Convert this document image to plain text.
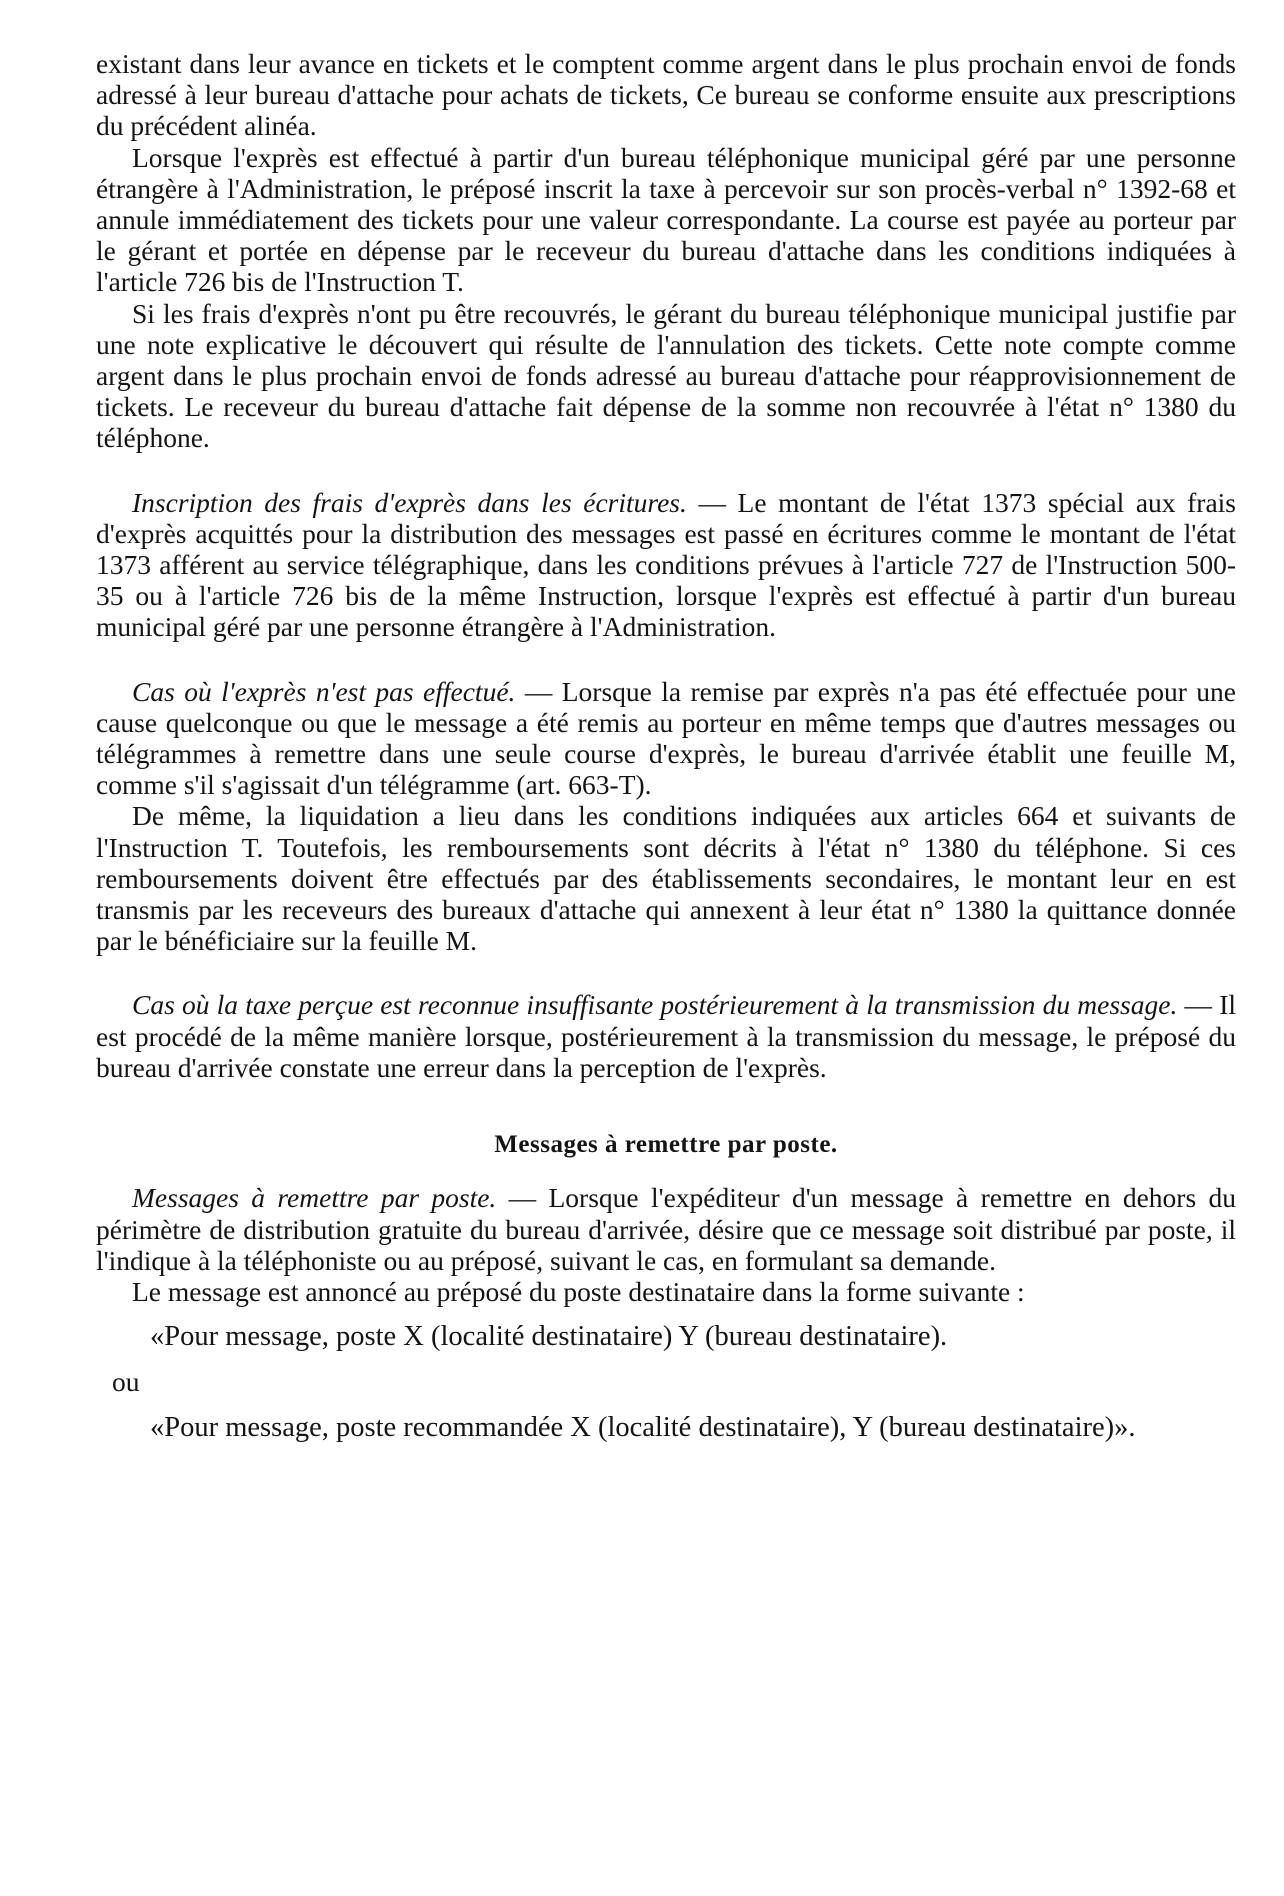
existant dans leur avance en tickets et le comptent comme argent dans le plus prochain envoi de fonds adressé à leur bureau d'attache pour achats de tickets, Ce bureau se conforme ensuite aux prescriptions du précédent alinéa.

Lorsque l'exprès est effectué à partir d'un bureau téléphonique municipal géré par une personne étrangère à l'Administration, le préposé inscrit la taxe à percevoir sur son procès-verbal n° 1392-68 et annule immédiatement des tickets pour une valeur correspondante. La course est payée au porteur par le gérant et portée en dépense par le receveur du bureau d'attache dans les conditions indiquées à l'article 726 bis de l'Instruction T.

Si les frais d'exprès n'ont pu être recouvrés, le gérant du bureau téléphonique municipal justifie par une note explicative le découvert qui résulte de l'annulation des tickets. Cette note compte comme argent dans le plus prochain envoi de fonds adressé au bureau d'attache pour réapprovisionnement de tickets. Le receveur du bureau d'attache fait dépense de la somme non recouvrée à l'état n° 1380 du téléphone.

Inscription des frais d'exprès dans les écritures. — Le montant de l'état 1373 spécial aux frais d'exprès acquittés pour la distribution des messages est passé en écritures comme le montant de l'état 1373 afférent au service télégraphique, dans les conditions prévues à l'article 727 de l'Instruction 500-35 ou à l'article 726 bis de la même Instruction, lorsque l'exprès est effectué à partir d'un bureau municipal géré par une personne étrangère à l'Administration.

Cas où l'exprès n'est pas effectué. — Lorsque la remise par exprès n'a pas été effectuée pour une cause quelconque ou que le message a été remis au porteur en même temps que d'autres messages ou télégrammes à remettre dans une seule course d'exprès, le bureau d'arrivée établit une feuille M, comme s'il s'agissait d'un télégramme (art. 663-T).

De même, la liquidation a lieu dans les conditions indiquées aux articles 664 et suivants de l'Instruction T. Toutefois, les remboursements sont décrits à l'état n° 1380 du téléphone. Si ces remboursements doivent être effectués par des établissements secondaires, le montant leur en est transmis par les receveurs des bureaux d'attache qui annexent à leur état n° 1380 la quittance donnée par le bénéficiaire sur la feuille M.

Cas où la taxe perçue est reconnue insuffisante postérieurement à la transmission du message. — Il est procédé de la même manière lorsque, postérieurement à la transmission du message, le préposé du bureau d'arrivée constate une erreur dans la perception de l'exprès.

Messages à remettre par poste.

Messages à remettre par poste. — Lorsque l'expéditeur d'un message à remettre en dehors du périmètre de distribution gratuite du bureau d'arrivée, désire que ce message soit distribué par poste, il l'indique à la téléphoniste ou au préposé, suivant le cas, en formulant sa demande.

Le message est annoncé au préposé du poste destinataire dans la forme suivante :

«Pour message, poste X (localité destinataire) Y (bureau destinataire).

ou

«Pour message, poste recommandée X (localité destinataire), Y (bureau destinataire)».
